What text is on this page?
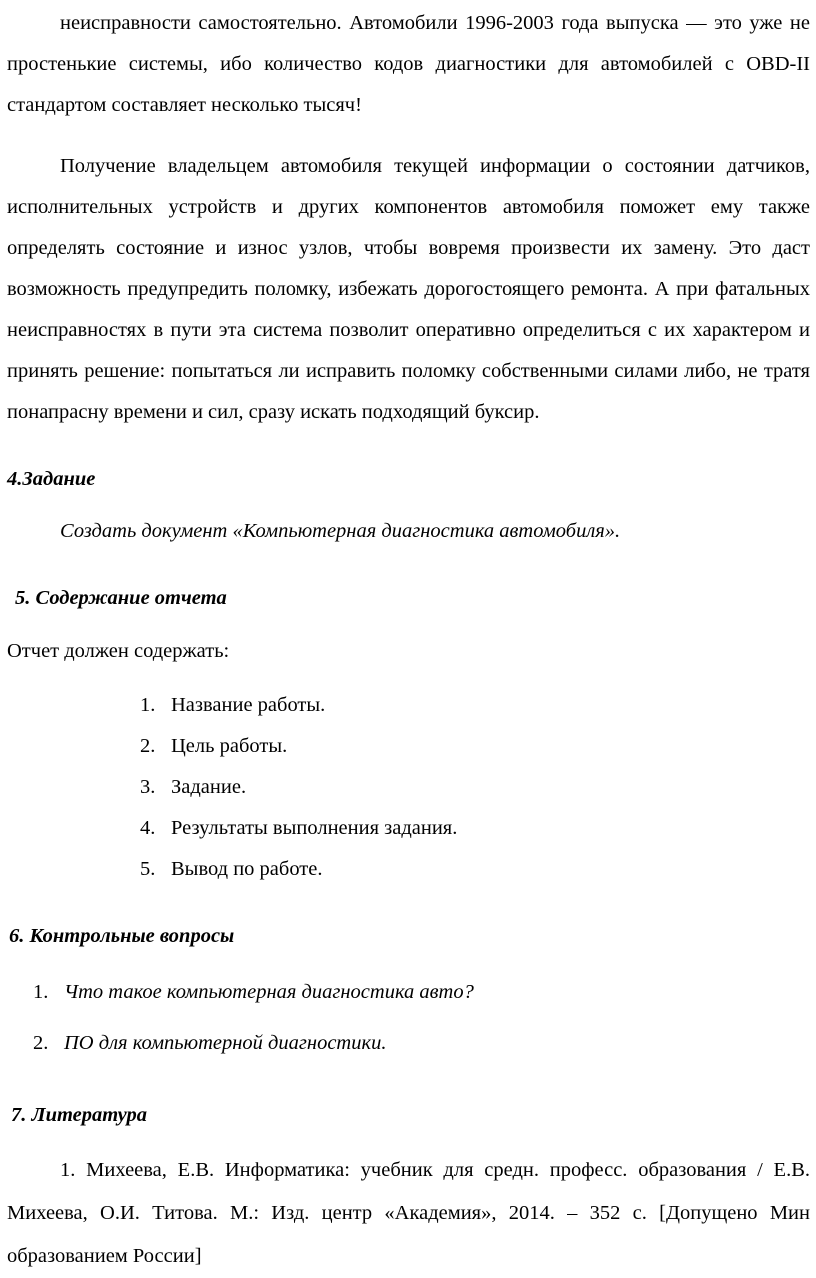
неисправности самостоятельно. Автомобили 1996-2003 года выпуска — это уже не простенькие системы, ибо количество кодов диагностики для автомобилей с OBD-II стандартом составляет несколько тысяч!

Получение владельцем автомобиля текущей информации о состоянии датчиков, исполнительных устройств и других компонентов автомобиля поможет ему также определять состояние и износ узлов, чтобы вовремя произвести их замену. Это даст возможность предупредить поломку, избежать дорогостоящего ремонта. А при фатальных неисправностях в пути эта система позволит оперативно определиться с их характером и принять решение: попытаться ли исправить поломку собственными силами либо, не тратя понапрасну времени и сил, сразу искать подходящий буксир.

4.Задание

Создать документ «Компьютерная диагностика автомобиля».

5. Содержание отчета

Отчет должен содержать:

1. Название работы.
2. Цель работы.
3. Задание.
4. Результаты выполнения задания.
5. Вывод по работе.
6. Контрольные вопросы
1. Что такое компьютерная диагностика авто?
2. ПО для компьютерной диагностики.
7. Литература

1. Михеева, Е.В. Информатика: учебник для средн. професс. образования / Е.В. Михеева, О.И. Титова. М.: Изд. центр «Академия», 2014. – 352 с. [Допущено Мин образованием России]
